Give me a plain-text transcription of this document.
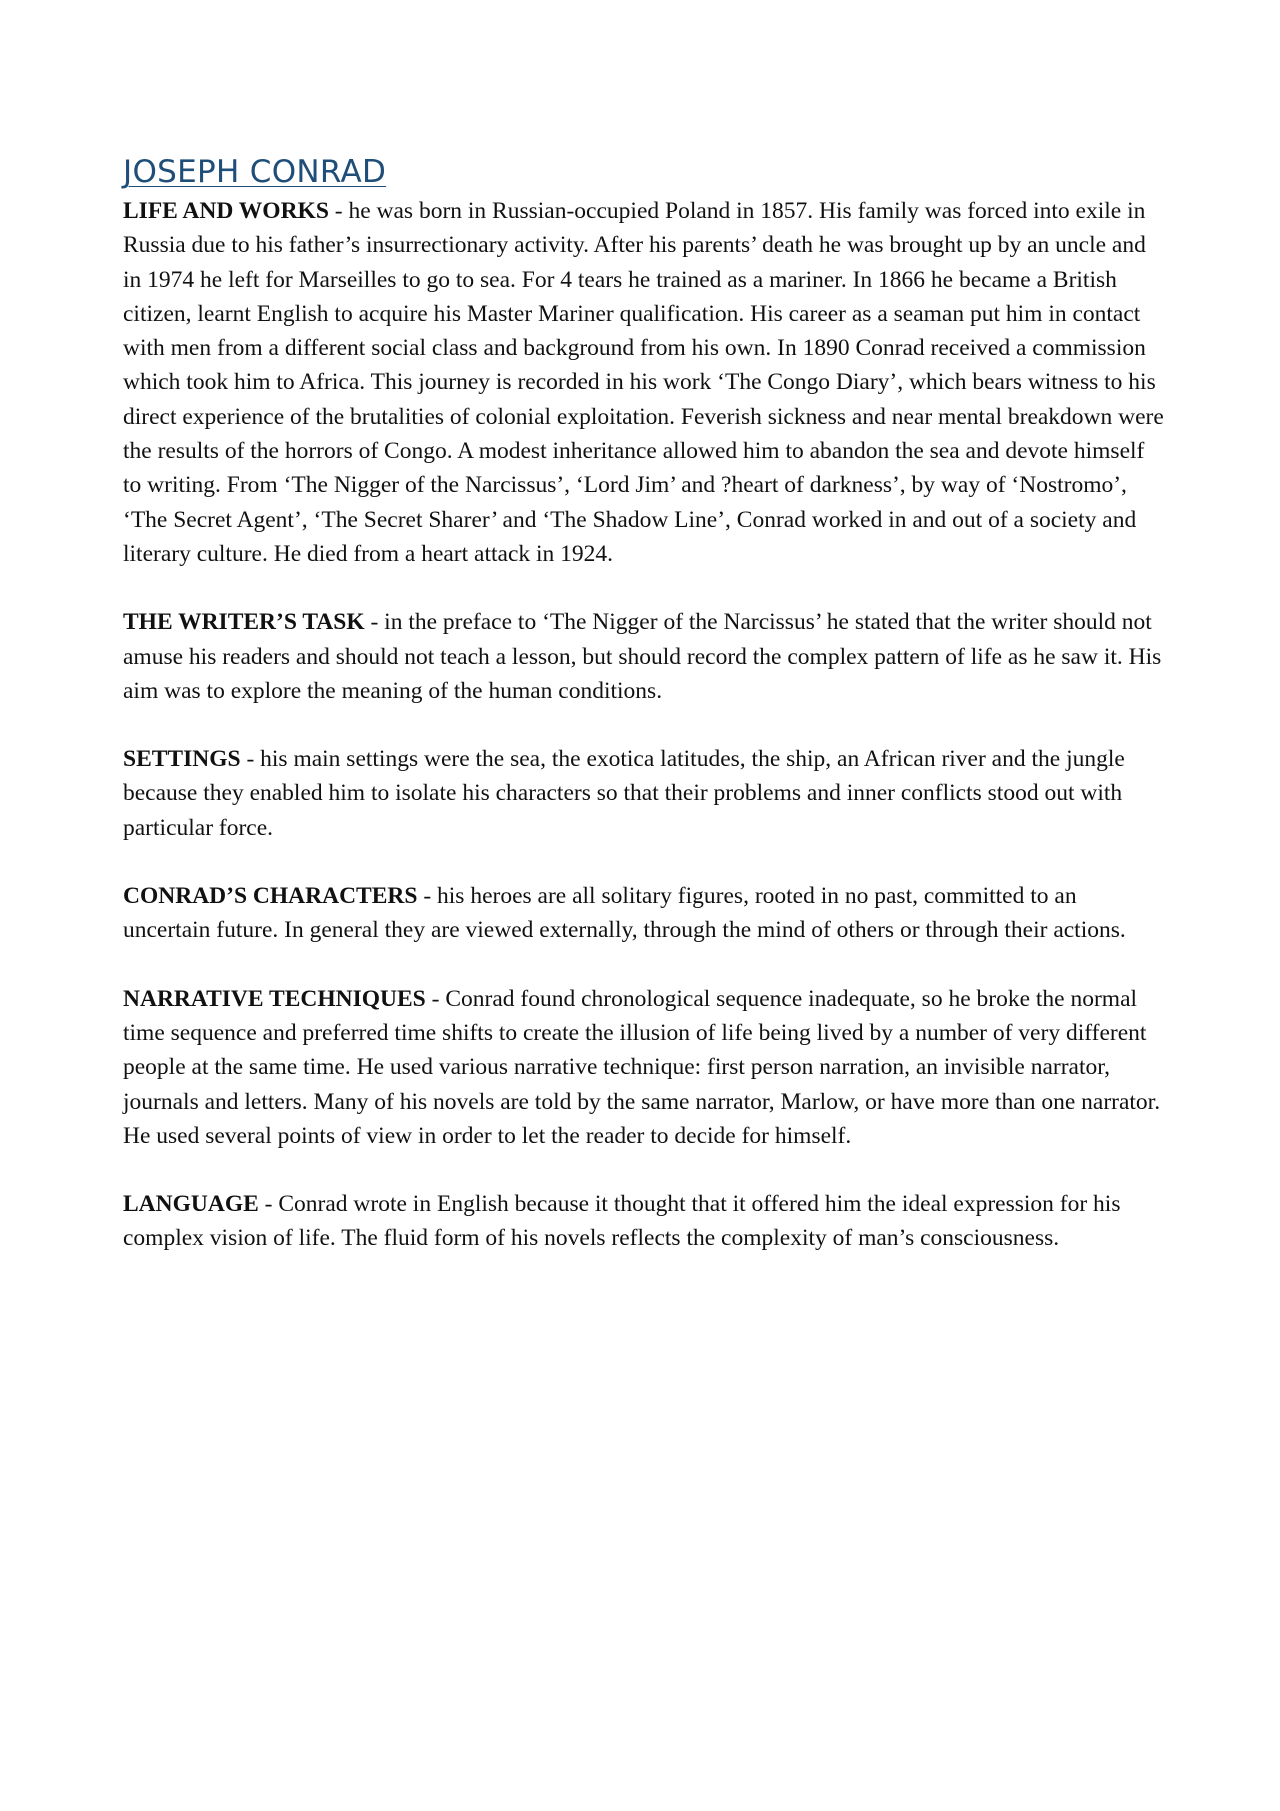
JOSEPH CONRAD

LIFE AND WORKS - he was born in Russian-occupied Poland in 1857. His family was forced into exile in Russia due to his father’s insurrectionary activity. After his parents’ death he was brought up by an uncle and in 1974 he left for Marseilles to go to sea. For 4 tears he trained as a mariner. In 1866 he became a British citizen, learnt English to acquire his Master Mariner qualification. His career as a seaman put him in contact with men from a different social class and background from his own. In 1890 Conrad received a commission which took him to Africa. This journey is recorded in his work ‘The Congo Diary’, which bears witness to his direct experience of the brutalities of colonial exploitation. Feverish sickness and near mental breakdown were the results of the horrors of Congo. A modest inheritance allowed him to abandon the sea and devote himself to writing. From ‘The Nigger of the Narcissus’, ‘Lord Jim’ and ?heart of darkness’, by way of ‘Nostromo’, ‘The Secret Agent’, ‘The Secret Sharer’ and ‘The Shadow Line’, Conrad worked in and out of a society and literary culture. He died from a heart attack in 1924.

THE WRITER’S TASK - in the preface to ‘The Nigger of the Narcissus’ he stated that the writer should not amuse his readers and should not teach a lesson, but should record the complex pattern of life as he saw it. His aim was to explore the meaning of the human conditions.

SETTINGS - his main settings were the sea, the exotica latitudes, the ship, an African river and the jungle because they enabled him to isolate his characters so that their problems and inner conflicts stood out with particular force.

CONRAD’S CHARACTERS - his heroes are all solitary figures, rooted in no past, committed to an uncertain future. In general they are viewed externally, through the mind of others or through their actions.

NARRATIVE TECHNIQUES - Conrad found chronological sequence inadequate, so he broke the normal time sequence and preferred time shifts to create the illusion of life being lived by a number of very different people at the same time. He used various narrative technique: first person narration, an invisible narrator, journals and letters. Many of his novels are told by the same narrator, Marlow, or have more than one narrator. He used several points of view in order to let the reader to decide for himself.

LANGUAGE - Conrad wrote in English because it thought that it offered him the ideal expression for his complex vision of life. The fluid form of his novels reflects the complexity of man’s consciousness.
